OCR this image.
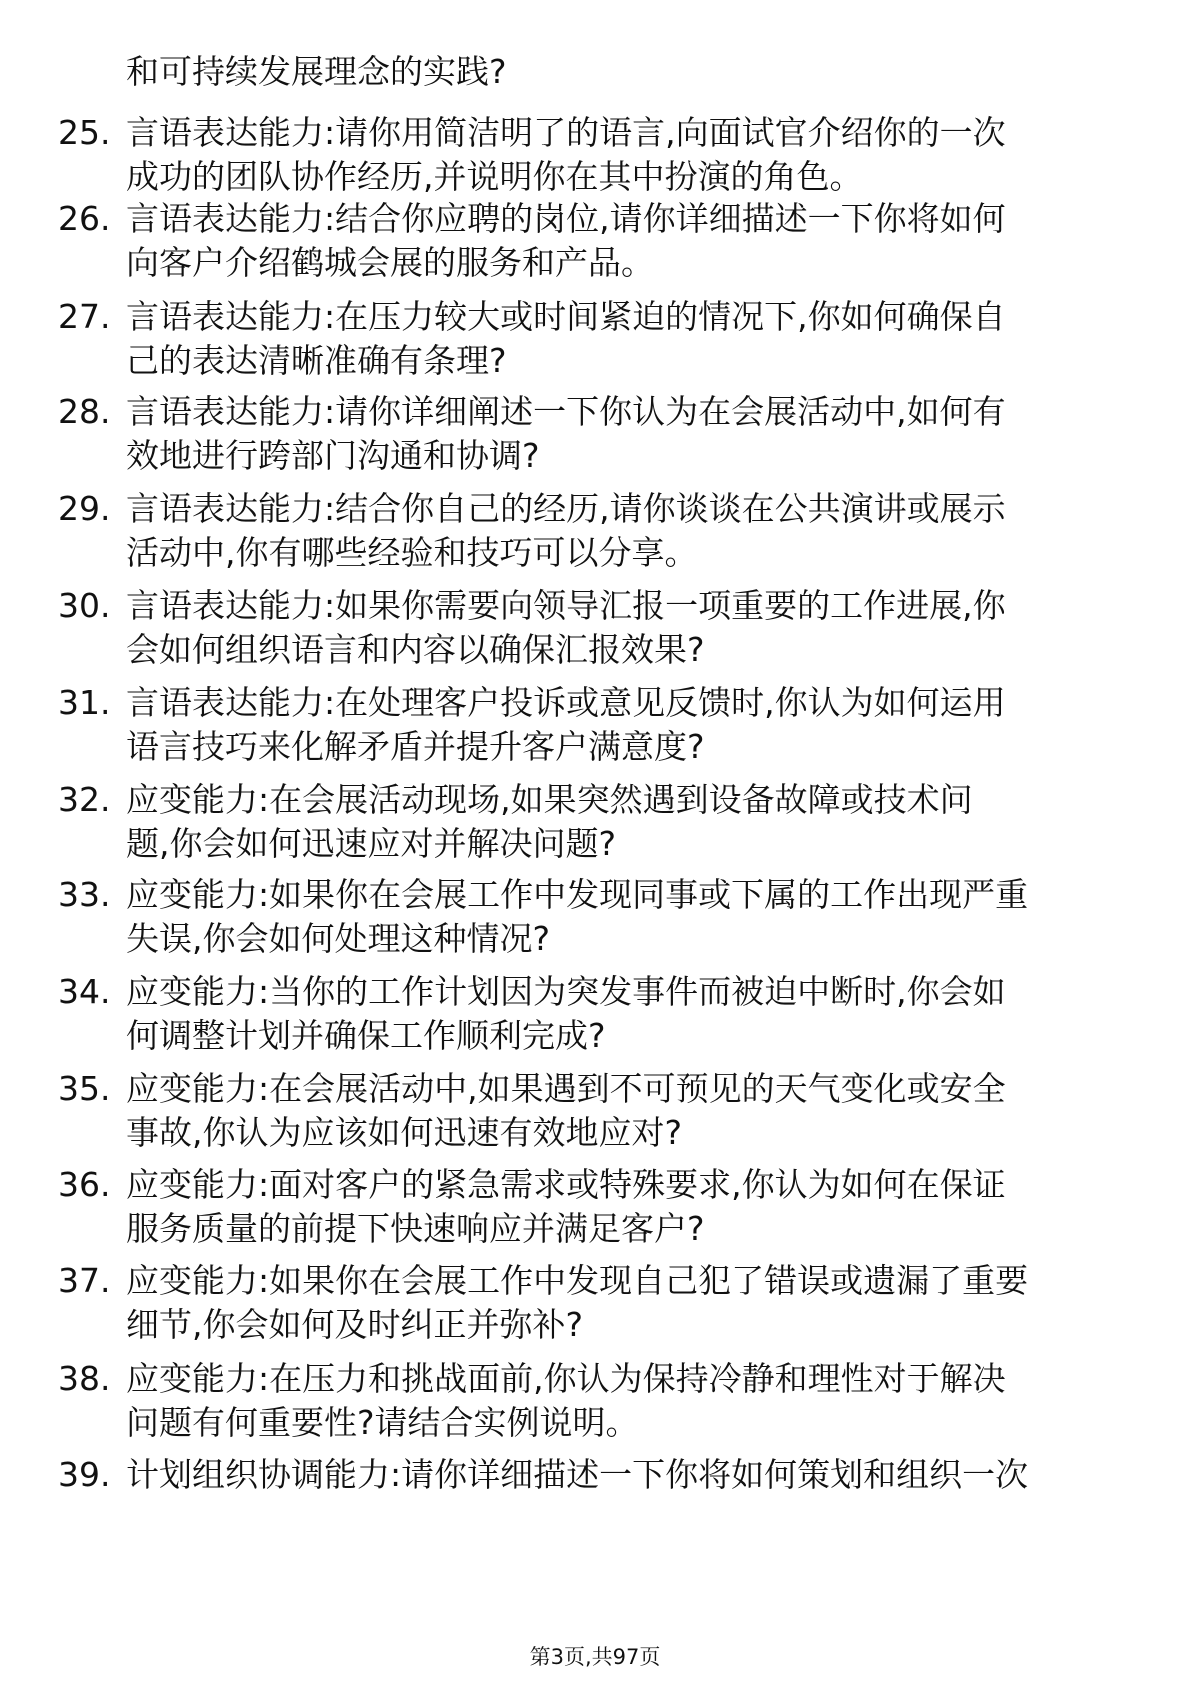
和可持续发展理念的实践?
25. 言语表达能力:请你用简洁明了的语言,向面试官介绍你的一次
成功的团队协作经历,并说明你在其中扮演的角色。
26. 言语表达能力:结合你应聘的岗位,请你详细描述一下你将如何
向客户介绍鹤城会展的服务和产品。
27. 言语表达能力:在压力较大或时间紧迫的情况下,你如何确保自
己的表达清晰准确有条理?
28. 言语表达能力:请你详细阐述一下你认为在会展活动中,如何有
效地进行跨部门沟通和协调?
29. 言语表达能力:结合你自己的经历,请你谈谈在公共演讲或展示
活动中,你有哪些经验和技巧可以分享。
30. 言语表达能力:如果你需要向领导汇报一项重要的工作进展,你
会如何组织语言和内容以确保汇报效果?
31. 言语表达能力:在处理客户投诉或意见反馈时,你认为如何运用
语言技巧来化解矛盾并提升客户满意度?
32. 应变能力:在会展活动现场,如果突然遇到设备故障或技术问
题,你会如何迅速应对并解决问题?
33. 应变能力:如果你在会展工作中发现同事或下属的工作出现严重
失误,你会如何处理这种情况?
34. 应变能力:当你的工作计划因为突发事件而被迫中断时,你会如
何调整计划并确保工作顺利完成?
35. 应变能力:在会展活动中,如果遇到不可预见的天气变化或安全
事故,你认为应该如何迅速有效地应对?
36. 应变能力:面对客户的紧急需求或特殊要求,你认为如何在保证
服务质量的前提下快速响应并满足客户?
37. 应变能力:如果你在会展工作中发现自己犯了错误或遗漏了重要
细节,你会如何及时纠正并弥补?
38. 应变能力:在压力和挑战面前,你认为保持冷静和理性对于解决
问题有何重要性?请结合实例说明。
39. 计划组织协调能力:请你详细描述一下你将如何策划和组织一次
第3页,共97页
